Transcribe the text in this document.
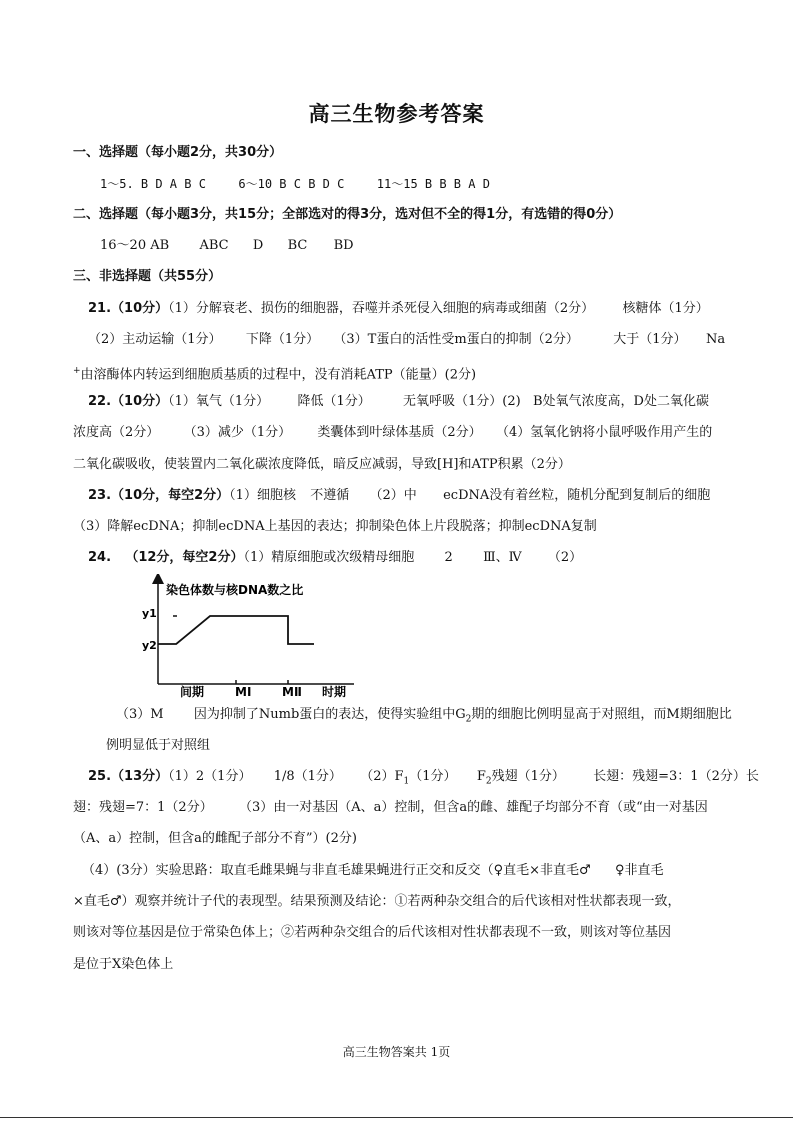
高三生物参考答案
一、选择题（每小题2分，共30分）
1～5. B D A B C	6～10 B C B D C	11～15 B B B A D
二、选择题（每小题3分，共15分；全部选对的得3分，选对但不全的得1分，有选错的得0分）
16～20 AB ABC D BC BD
三、非选择题（共55分）
21.（10分）（1）分解衰老、损伤的细胞器，吞噬并杀死侵入细胞的病毒或细菌（2分） 核糖体（1分）
（2）主动运输（1分） 下降（1分） （3）T蛋白的活性受m蛋白的抑制（2分）	大于（1分） Na
+由溶酶体内转运到细胞质基质的过程中，没有消耗ATP（能量）(2分)
22.（10分）（1）氧气（1分） 降低（1分） 无氧呼吸（1分）(2) B处氧气浓度高，D处二氧化碳
浓度高（2分） （3）减少（1分） 类囊体到叶绿体基质（2分） （4）氢氧化钠将小鼠呼吸作用产生的
二氧化碳吸收，使装置内二氧化碳浓度降低，暗反应减弱，导致[H]和ATP积累（2分）
23.（10分，每空2分）（1）细胞核 不遵循 （2）中 ecDNA没有着丝粒，随机分配到复制后的细胞
（3）降解ecDNA；抑制ecDNA上基因的表达；抑制染色体上片段脱落；抑制ecDNA复制
24. （12分，每空2分）（1）精原细胞或次级精母细胞 2 Ⅲ、Ⅳ （2）
染色体数与核DNA数之比
y1
y2
间期	MⅠ	MⅡ 时期
（3）M 因为抑制了Numb蛋白的表达，使得实验组中$G_2$期的细胞比例明显高于对照组，而M期细胞比
例明显低于对照组
25.（13分）（1）2（1分） 1/8（1分） $(2)F_1(1$分） $F_2$残翅（1分） 长翅：残翅=3：1（2分）长
翅：残翅=7：1（2分） （3）由一对基因（A、a）控制，但含a的雌、雄配子均部分不育（或“由一对基因
（A、a）控制，但含a的雌配子部分不育”）(2分)
（4）(3分）实验思路：取直毛雌果蝇与非直毛雄果蝇进行正交和反交（♀直毛×非直毛♂ ♀非直毛
×直毛♂）观察并统计子代的表现型。结果预测及结论：①若两种杂交组合的后代该相对性状都表现一致，
则该对等位基因是位于常染色体上；②若两种杂交组合的后代该相对性状都表现不一致，则该对等位基因
是位于X染色体上
高三生物答案共 1页
